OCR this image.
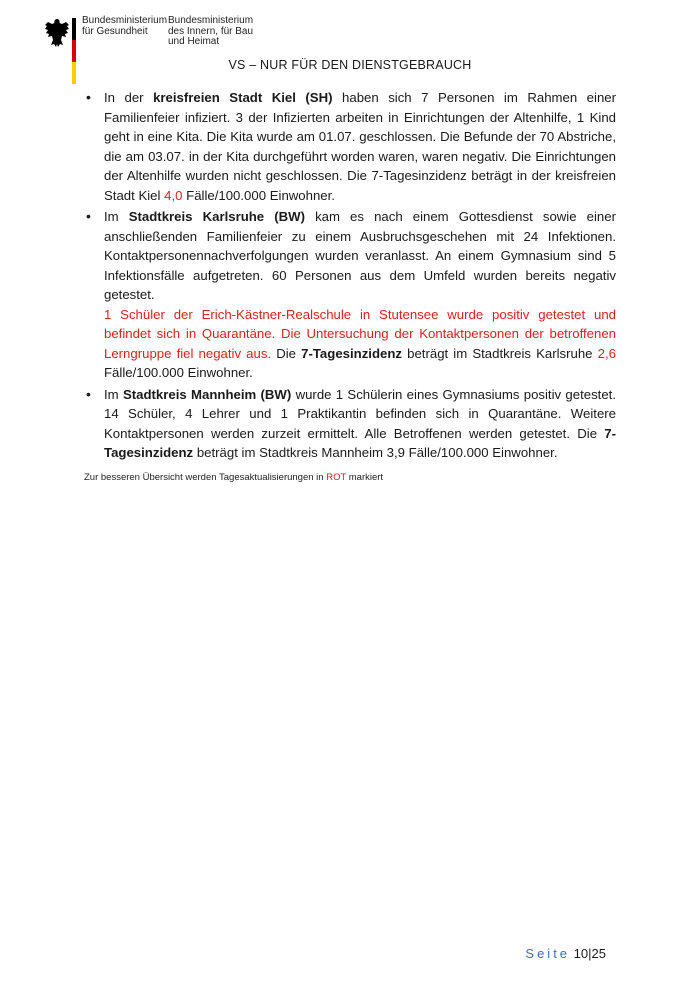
Bundesministerium
für Gesundheit
Bundesministerium
des Innern, für Bau
und Heimat
VS – NUR FÜR DEN DIENSTGEBRAUCH
• In der kreisfreien Stadt Kiel (SH) haben sich 7 Personen im Rahmen einer Familienfeier infiziert. 3 der Infizierten arbeiten in Einrichtungen der Altenhilfe, 1 Kind geht in eine Kita. Die Kita wurde am 01.07. geschlossen. Die Befunde der 70 Abstriche, die am 03.07. in der Kita durchgeführt worden waren, waren negativ. Die Einrichtungen der Altenhilfe wurden nicht geschlossen. Die 7-Tagesinzidenz beträgt in der kreisfreien Stadt Kiel 4,0 Fälle/100.000 Einwohner.
• Im Stadtkreis Karlsruhe (BW) kam es nach einem Gottesdienst sowie einer anschließenden Familienfeier zu einem Ausbruchsgeschehen mit 24 Infektionen. Kontaktpersonennachverfolgungen wurden veranlasst. An einem Gymnasium sind 5 Infektionsfälle aufgetreten. 60 Personen aus dem Umfeld wurden bereits negativ getestet.
1 Schüler der Erich-Kästner-Realschule in Stutensee wurde positiv getestet und befindet sich in Quarantäne. Die Untersuchung der Kontaktpersonen der betroffenen Lerngruppe fiel negativ aus. Die 7-Tagesinzidenz beträgt im Stadtkreis Karlsruhe 2,6 Fälle/100.000 Einwohner.
• Im Stadtkreis Mannheim (BW) wurde 1 Schülerin eines Gymnasiums positiv getestet. 14 Schüler, 4 Lehrer und 1 Praktikantin befinden sich in Quarantäne. Weitere Kontaktpersonen werden zurzeit ermittelt. Alle Betroffenen werden getestet. Die 7-Tagesinzidenz beträgt im Stadtkreis Mannheim 3,9 Fälle/100.000 Einwohner.
Zur besseren Übersicht werden Tagesaktualisierungen in ROT markiert
Seite 10|25
